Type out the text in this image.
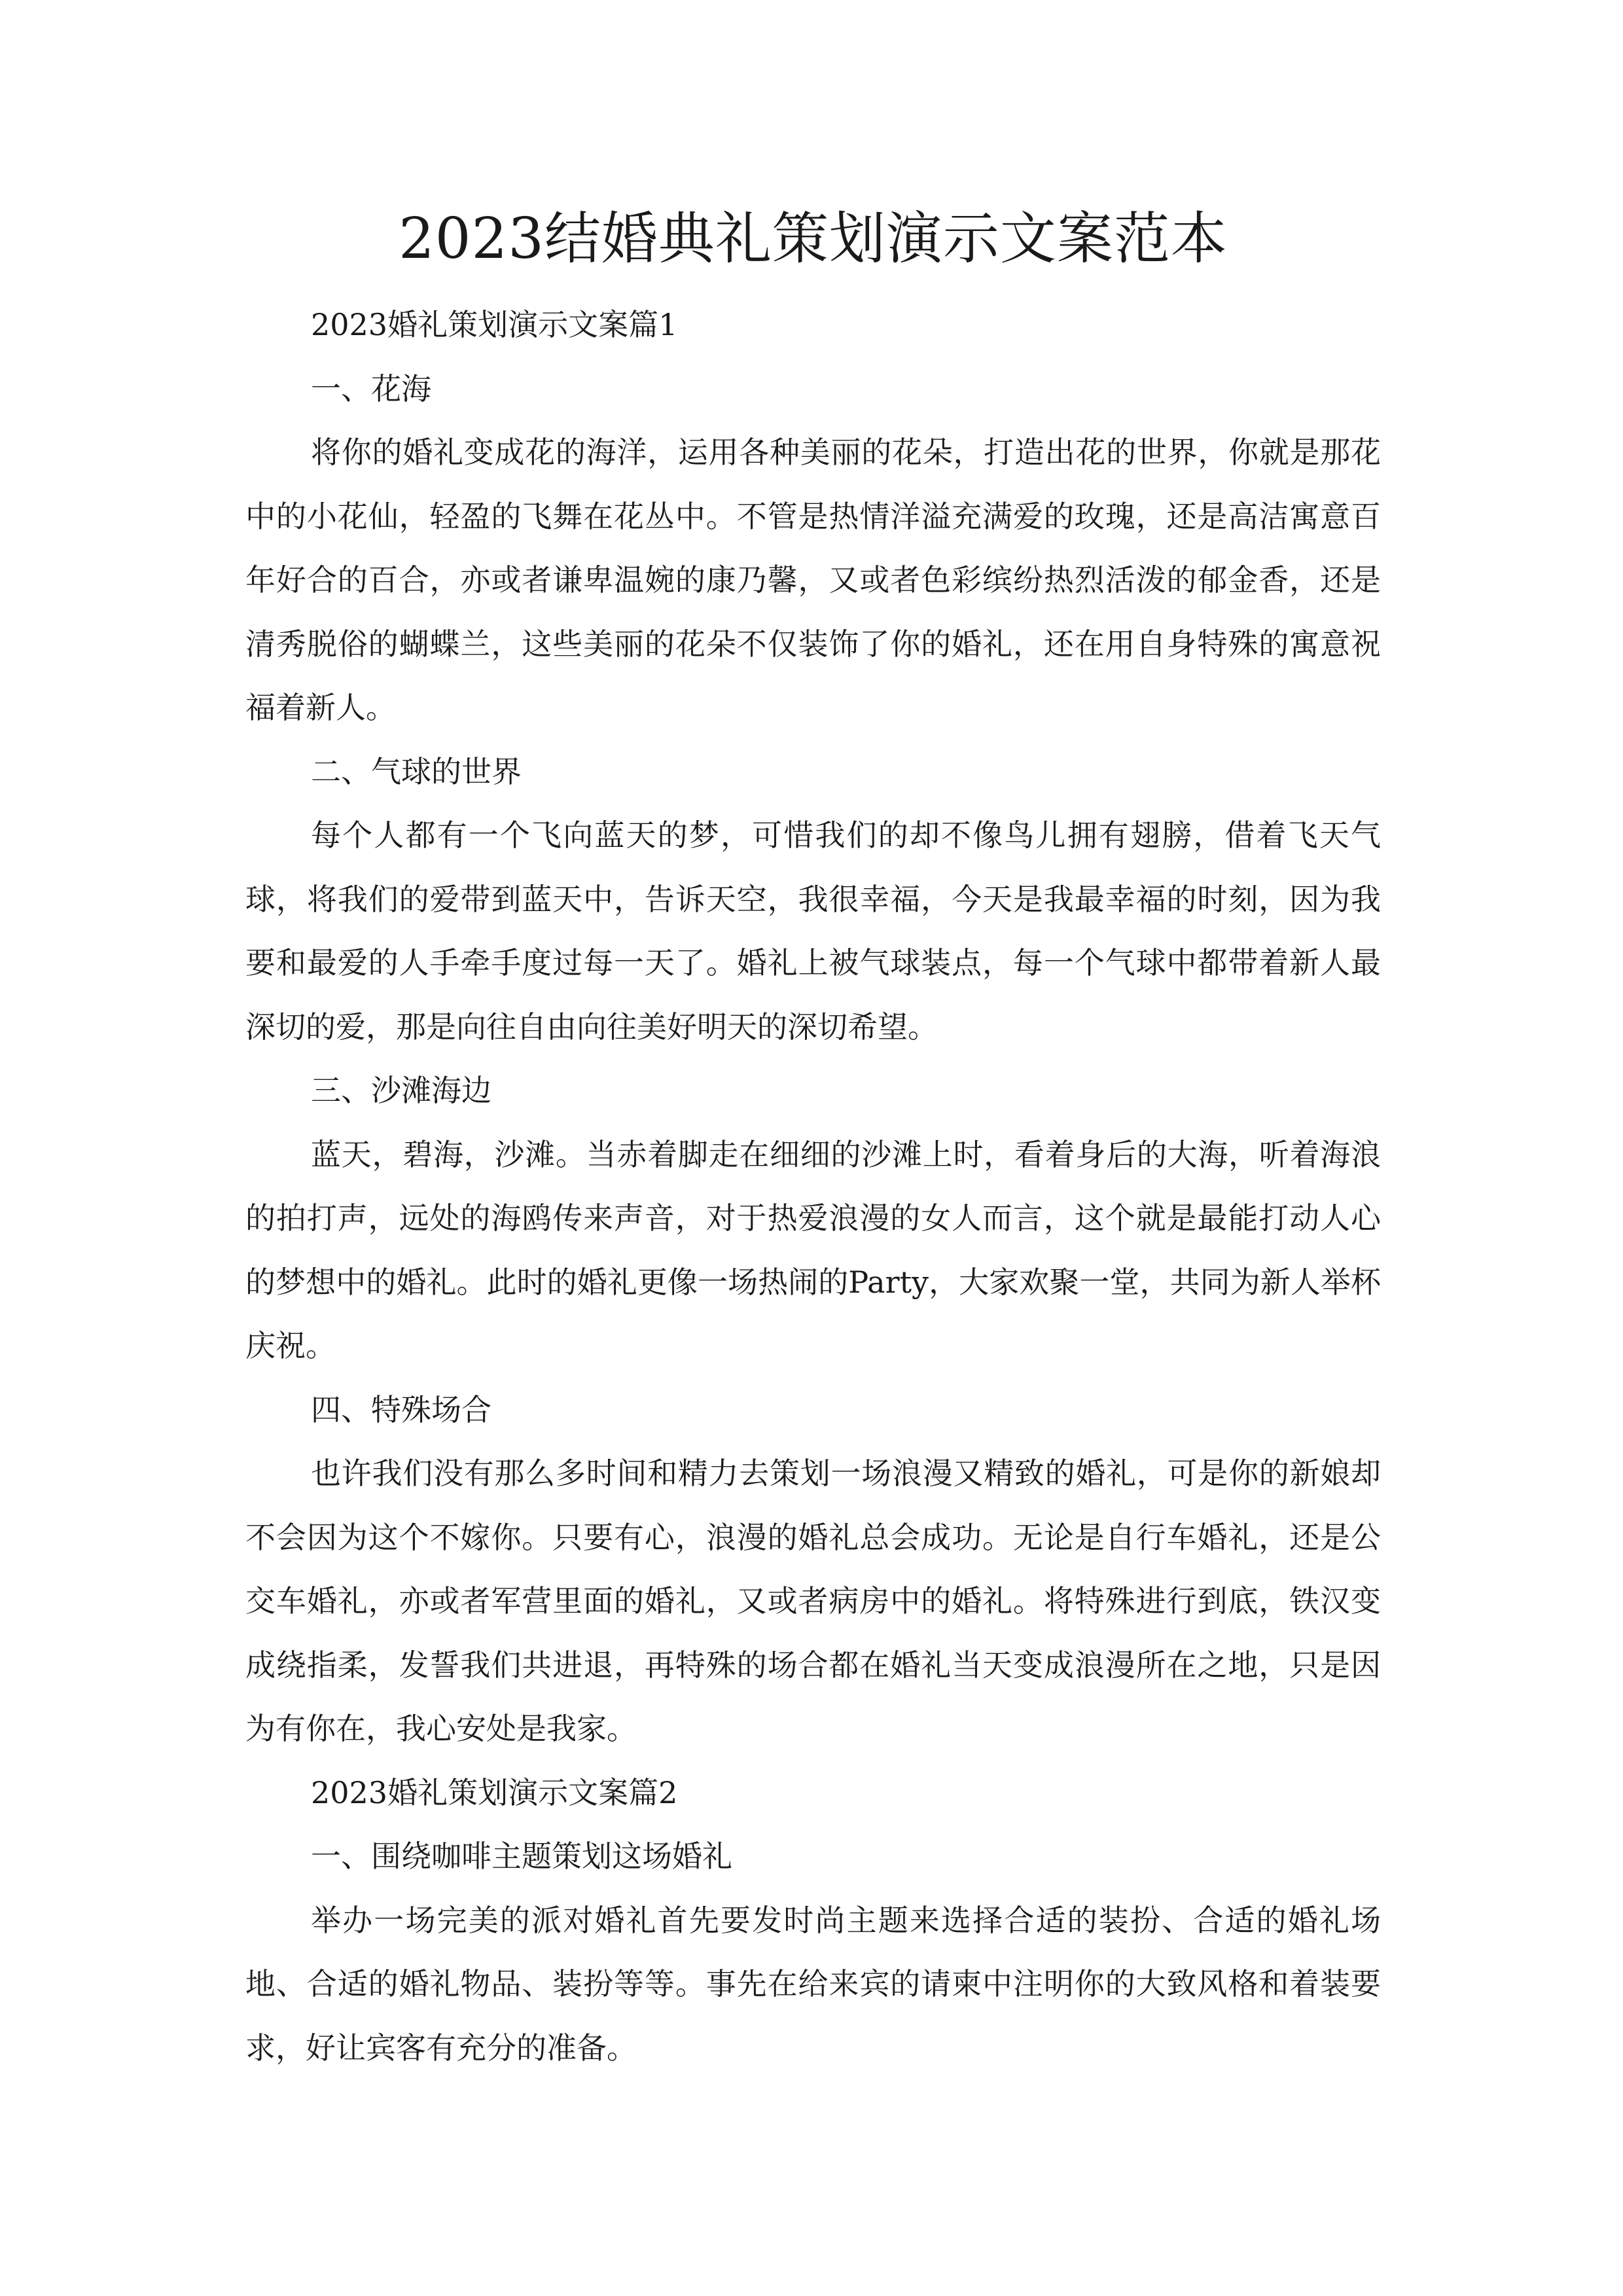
2023结婚典礼策划演示文案范本

2023婚礼策划演示文案篇1

一、花海

将你的婚礼变成花的海洋，运用各种美丽的花朵，打造出花的世界，你就是那花中的小花仙，轻盈的飞舞在花丛中。不管是热情洋溢充满爱的玫瑰，还是高洁寓意百年好合的百合，亦或者谦卑温婉的康乃馨，又或者色彩缤纷热烈活泼的郁金香，还是清秀脱俗的蝴蝶兰，这些美丽的花朵不仅装饰了你的婚礼，还在用自身特殊的寓意祝福着新人。

二、气球的世界

每个人都有一个飞向蓝天的梦，可惜我们的却不像鸟儿拥有翅膀，借着飞天气球，将我们的爱带到蓝天中，告诉天空，我很幸福，今天是我最幸福的时刻，因为我要和最爱的人手牵手度过每一天了。婚礼上被气球装点，每一个气球中都带着新人最深切的爱，那是向往自由向往美好明天的深切希望。

三、沙滩海边

蓝天，碧海，沙滩。当赤着脚走在细细的沙滩上时，看着身后的大海，听着海浪的拍打声，远处的海鸥传来声音，对于热爱浪漫的女人而言，这个就是最能打动人心的梦想中的婚礼。此时的婚礼更像一场热闹的Party，大家欢聚一堂，共同为新人举杯庆祝。

四、特殊场合

也许我们没有那么多时间和精力去策划一场浪漫又精致的婚礼，可是你的新娘却不会因为这个不嫁你。只要有心，浪漫的婚礼总会成功。无论是自行车婚礼，还是公交车婚礼，亦或者军营里面的婚礼，又或者病房中的婚礼。将特殊进行到底，铁汉变成绕指柔，发誓我们共进退，再特殊的场合都在婚礼当天变成浪漫所在之地，只是因为有你在，我心安处是我家。

2023婚礼策划演示文案篇2

一、围绕咖啡主题策划这场婚礼

举办一场完美的派对婚礼首先要发时尚主题来选择合适的装扮、合适的婚礼场地、合适的婚礼物品、装扮等等。事先在给来宾的请柬中注明你的大致风格和着装要求，好让宾客有充分的准备。
